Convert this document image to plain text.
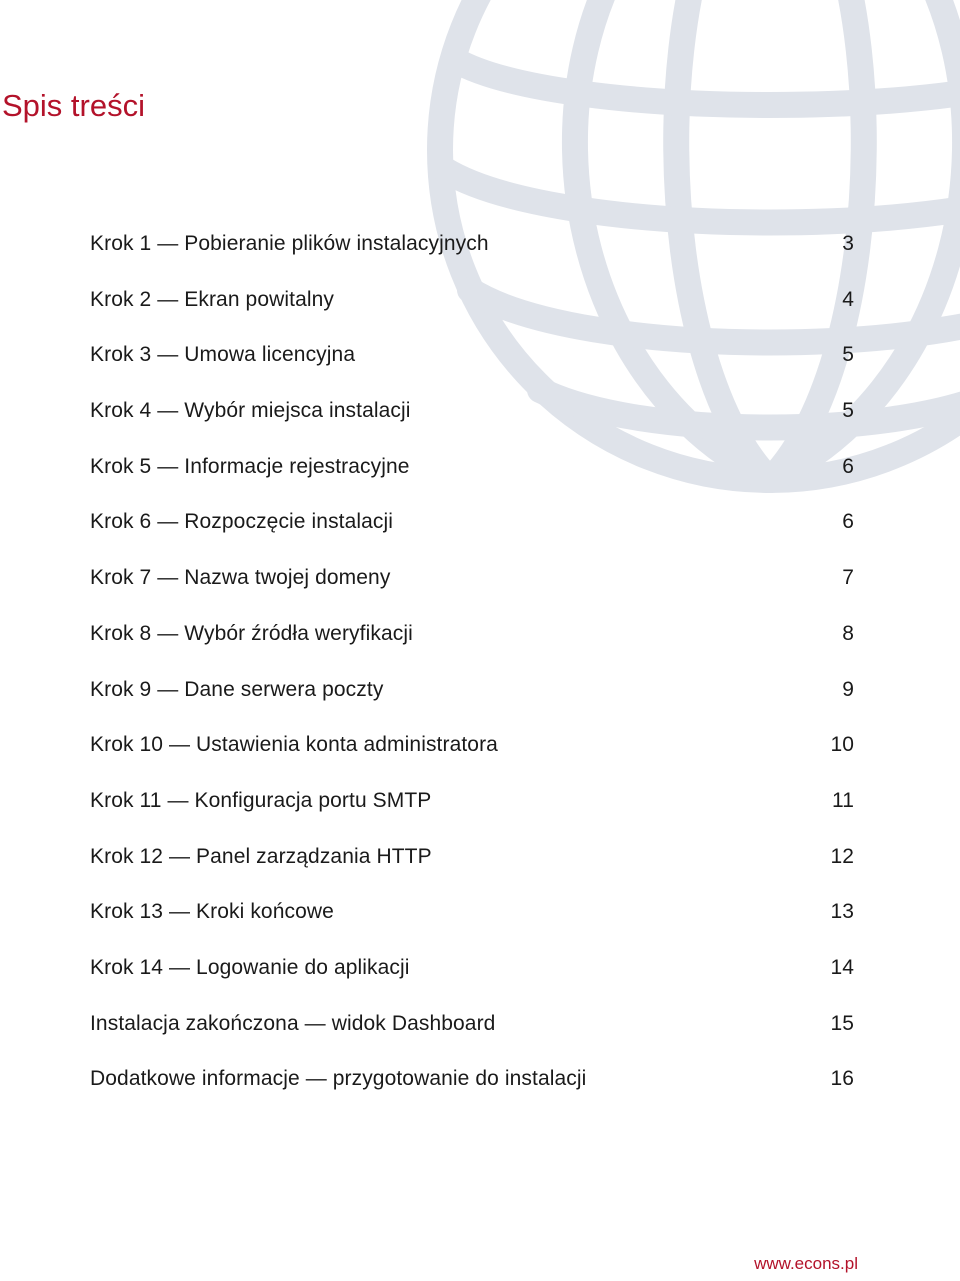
Spis treści
Krok 1 — Pobieranie plików instalacyjnych	3
Krok 2 — Ekran powitalny	4
Krok 3 — Umowa licencyjna	5
Krok 4 — Wybór miejsca instalacji	5
Krok 5 — Informacje rejestracyjne	6
Krok 6 — Rozpoczęcie instalacji	6
Krok 7 — Nazwa twojej domeny	7
Krok 8 — Wybór źródła weryfikacji	8
Krok 9 — Dane serwera poczty	9
Krok 10 — Ustawienia konta administratora	10
Krok 11 — Konfiguracja portu SMTP	11
Krok 12 — Panel zarządzania HTTP	12
Krok 13 — Kroki końcowe	13
Krok 14 — Logowanie do aplikacji	14
Instalacja zakończona — widok Dashboard	15
Dodatkowe informacje — przygotowanie do instalacji	16
www.econs.pl
